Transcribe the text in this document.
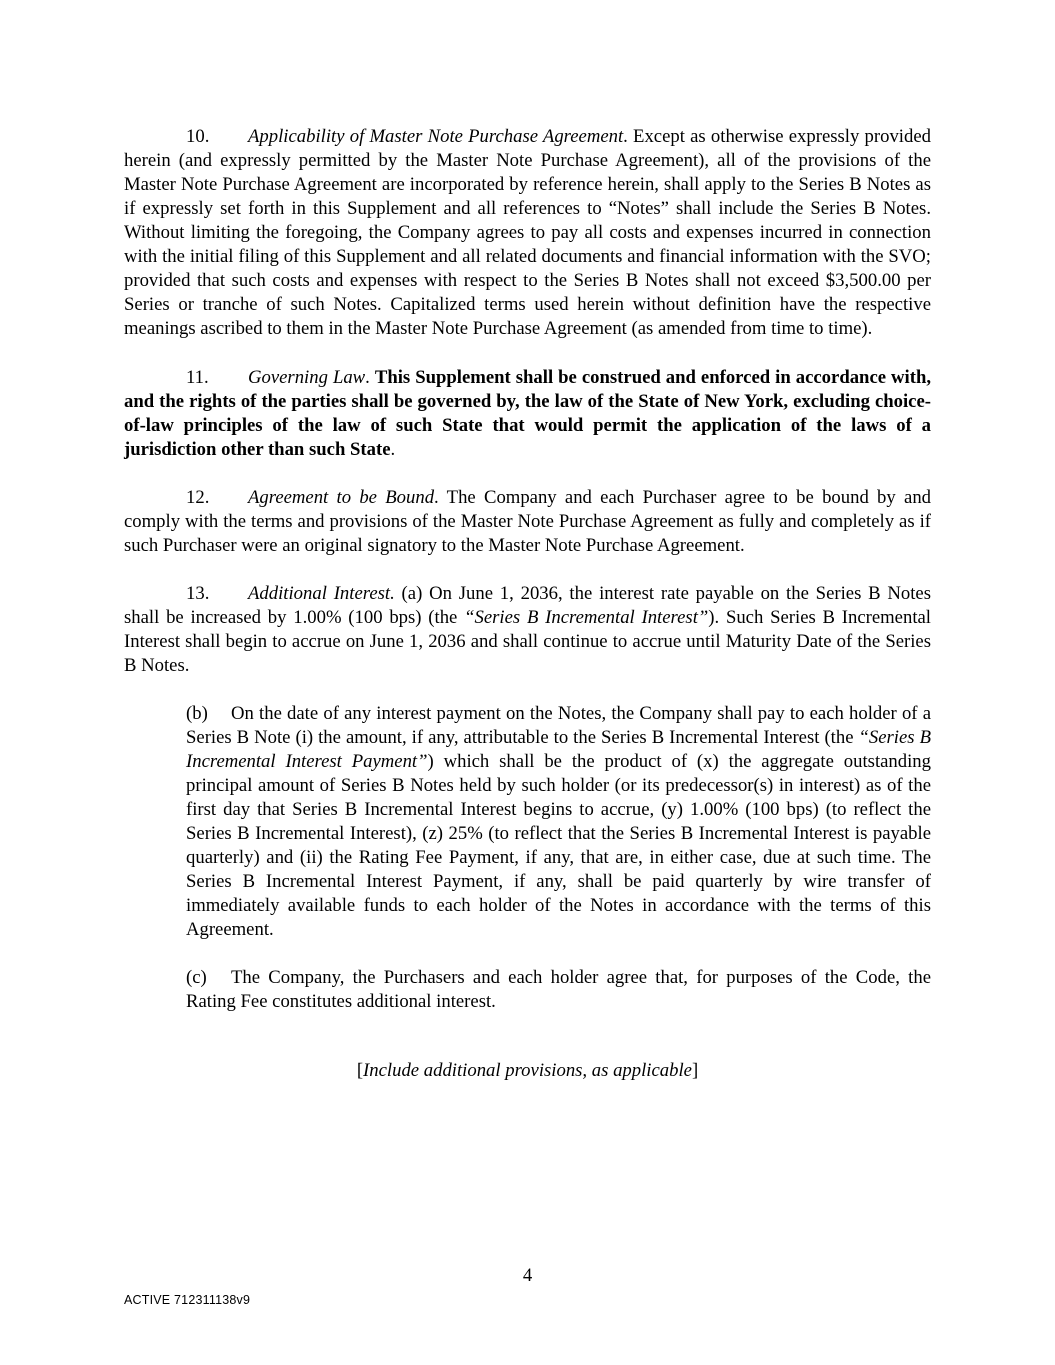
10. Applicability of Master Note Purchase Agreement. Except as otherwise expressly provided herein (and expressly permitted by the Master Note Purchase Agreement), all of the provisions of the Master Note Purchase Agreement are incorporated by reference herein, shall apply to the Series B Notes as if expressly set forth in this Supplement and all references to “Notes” shall include the Series B Notes. Without limiting the foregoing, the Company agrees to pay all costs and expenses incurred in connection with the initial filing of this Supplement and all related documents and financial information with the SVO; provided that such costs and expenses with respect to the Series B Notes shall not exceed $3,500.00 per Series or tranche of such Notes. Capitalized terms used herein without definition have the respective meanings ascribed to them in the Master Note Purchase Agreement (as amended from time to time).

11. Governing Law. This Supplement shall be construed and enforced in accordance with, and the rights of the parties shall be governed by, the law of the State of New York, excluding choice-of-law principles of the law of such State that would permit the application of the laws of a jurisdiction other than such State.

12. Agreement to be Bound. The Company and each Purchaser agree to be bound by and comply with the terms and provisions of the Master Note Purchase Agreement as fully and completely as if such Purchaser were an original signatory to the Master Note Purchase Agreement.

13. Additional Interest. (a) On June 1, 2036, the interest rate payable on the Series B Notes shall be increased by 1.00% (100 bps) (the “Series B Incremental Interest”). Such Series B Incremental Interest shall begin to accrue on June 1, 2036 and shall continue to accrue until Maturity Date of the Series B Notes.

(b) On the date of any interest payment on the Notes, the Company shall pay to each holder of a Series B Note (i) the amount, if any, attributable to the Series B Incremental Interest (the “Series B Incremental Interest Payment”) which shall be the product of (x) the aggregate outstanding principal amount of Series B Notes held by such holder (or its predecessor(s) in interest) as of the first day that Series B Incremental Interest begins to accrue, (y) 1.00% (100 bps) (to reflect the Series B Incremental Interest), (z) 25% (to reflect that the Series B Incremental Interest is payable quarterly) and (ii) the Rating Fee Payment, if any, that are, in either case, due at such time. The Series B Incremental Interest Payment, if any, shall be paid quarterly by wire transfer of immediately available funds to each holder of the Notes in accordance with the terms of this Agreement.

(c) The Company, the Purchasers and each holder agree that, for purposes of the Code, the Rating Fee constitutes additional interest.

[Include additional provisions, as applicable]

4
ACTIVE 712311138v9
